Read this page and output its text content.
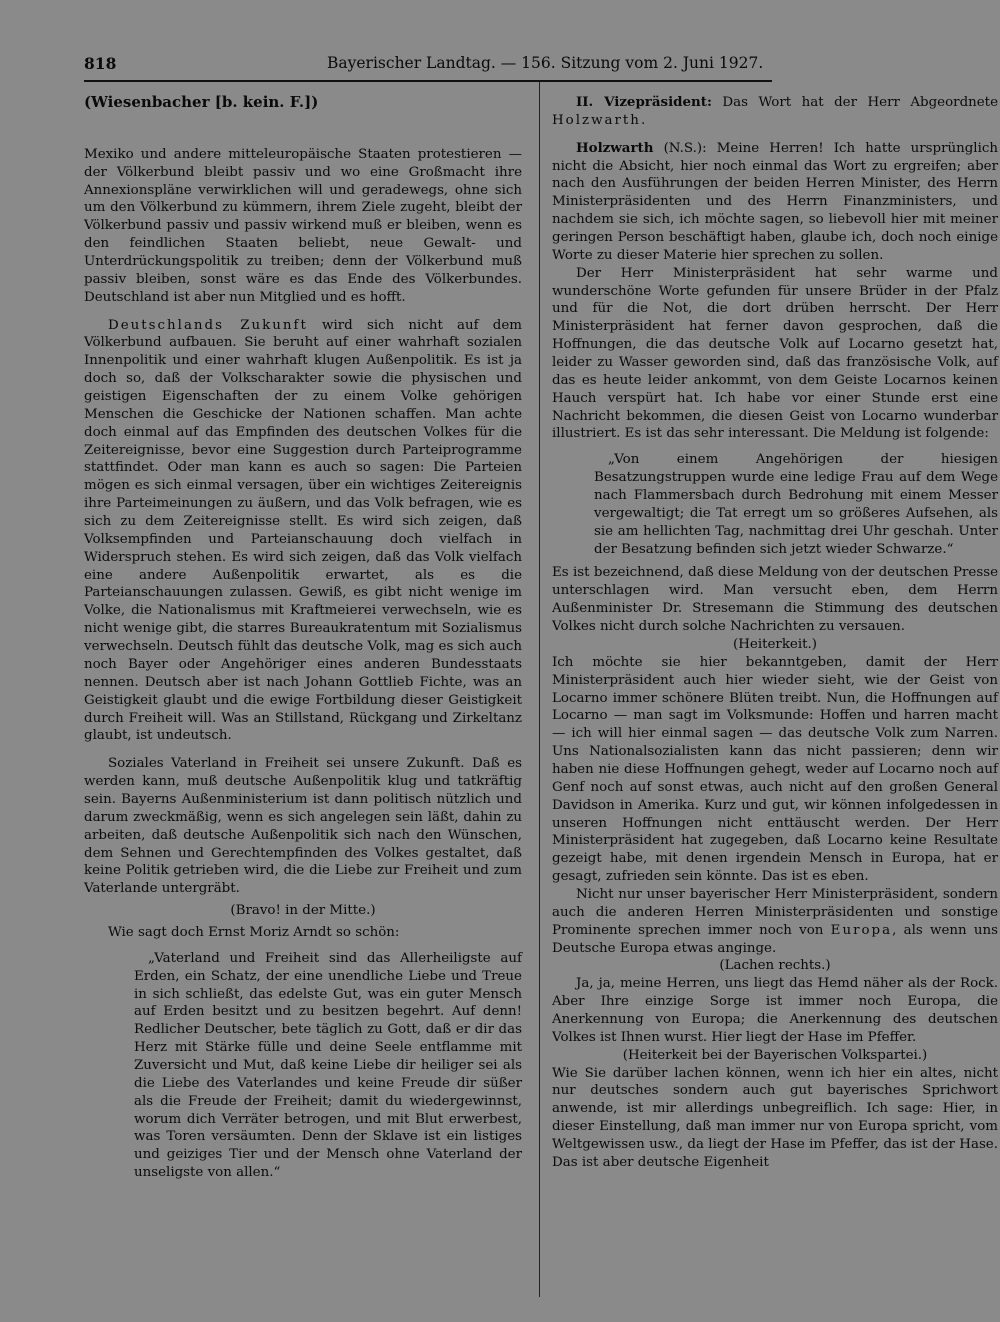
818	Bayerischer Landtag. — 156. Sitzung vom 2. Juni 1927.

(Wiesenbacher [b. kein. F.])

Mexiko und andere mitteleuropäische Staaten protestieren — der Völkerbund bleibt passiv und wo eine Großmacht ihre Annexionspläne verwirklichen will und geradewegs, ohne sich um den Völkerbund zu kümmern, ihrem Ziele zugeht, bleibt der Völkerbund passiv und passiv wirkend muß er bleiben, wenn es den feindlichen Staaten beliebt, neue Gewalt- und Unterdrückungspolitik zu treiben; denn der Völkerbund muß passiv bleiben, sonst wäre es das Ende des Völkerbundes. Deutschland ist aber nun Mitglied und es hofft.

Deutschlands Zukunft wird sich nicht auf dem Völkerbund aufbauen. Sie beruht auf einer wahrhaft sozialen Innenpolitik und einer wahrhaft klugen Außenpolitik. Es ist ja doch so, daß der Volkscharakter sowie die physischen und geistigen Eigenschaften der zu einem Volke gehörigen Menschen die Geschicke der Nationen schaffen. Man achte doch einmal auf das Empfinden des deutschen Volkes für die Zeitereignisse, bevor eine Suggestion durch Parteiprogramme stattfindet. Oder man kann es auch so sagen: Die Parteien mögen es sich einmal versagen, über ein wichtiges Zeitereignis ihre Parteimeinungen zu äußern, und das Volk befragen, wie es sich zu dem Zeitereignisse stellt. Es wird sich zeigen, daß Volksempfinden und Parteianschauung doch vielfach in Widerspruch stehen. Es wird sich zeigen, daß das Volk vielfach eine andere Außenpolitik erwartet, als es die Parteianschauungen zulassen. Gewiß, es gibt nicht wenige im Volke, die Nationalismus mit Kraftmeierei verwechseln, wie es nicht wenige gibt, die starres Bureaukratentum mit Sozialismus verwechseln. Deutsch fühlt das deutsche Volk, mag es sich auch noch Bayer oder Angehöriger eines anderen Bundesstaats nennen. Deutsch aber ist nach Johann Gottlieb Fichte, was an Geistigkeit glaubt und die ewige Fortbildung dieser Geistigkeit durch Freiheit will. Was an Stillstand, Rückgang und Zirkeltanz glaubt, ist undeutsch.

Soziales Vaterland in Freiheit sei unsere Zukunft. Daß es werden kann, muß deutsche Außenpolitik klug und tatkräftig sein. Bayerns Außenministerium ist dann politisch nützlich und darum zweckmäßig, wenn es sich angelegen sein läßt, dahin zu arbeiten, daß deutsche Außenpolitik sich nach den Wünschen, dem Sehnen und Gerechtempfinden des Volkes gestaltet, daß keine Politik getrieben wird, die die Liebe zur Freiheit und zum Vaterlande untergräbt.

(Bravo! in der Mitte.)

Wie sagt doch Ernst Moriz Arndt so schön:

„Vaterland und Freiheit sind das Allerheiligste auf Erden, ein Schatz, der eine unendliche Liebe und Treue in sich schließt, das edelste Gut, was ein guter Mensch auf Erden besitzt und zu besitzen begehrt. Auf denn! Redlicher Deutscher, bete täglich zu Gott, daß er dir das Herz mit Stärke fülle und deine Seele entflamme mit Zuversicht und Mut, daß keine Liebe dir heiliger sei als die Liebe des Vaterlandes und keine Freude dir süßer als die Freude der Freiheit; damit du wiedergewinnst, worum dich Verräter betrogen, und mit Blut erwerbest, was Toren versäumten. Denn der Sklave ist ein listiges und geiziges Tier und der Mensch ohne Vaterland der unseligste von allen.“

II. Vizepräsident: Das Wort hat der Herr Abgeordnete Holzwarth.

Holzwarth (N.S.): Meine Herren! Ich hatte ursprünglich nicht die Absicht, hier noch einmal das Wort zu ergreifen; aber nach den Ausführungen der beiden Herren Minister, des Herrn Ministerpräsidenten und des Herrn Finanzministers, und nachdem sie sich, ich möchte sagen, so liebevoll hier mit meiner geringen Person beschäftigt haben, glaube ich, doch noch einige Worte zu dieser Materie hier sprechen zu sollen.

Der Herr Ministerpräsident hat sehr warme und wunderschöne Worte gefunden für unsere Brüder in der Pfalz und für die Not, die dort drüben herrscht. Der Herr Ministerpräsident hat ferner davon gesprochen, daß die Hoffnungen, die das deutsche Volk auf Locarno gesetzt hat, leider zu Wasser geworden sind, daß das französische Volk, auf das es heute leider ankommt, von dem Geiste Locarnos keinen Hauch verspürt hat. Ich habe vor einer Stunde erst eine Nachricht bekommen, die diesen Geist von Locarno wunderbar illustriert. Es ist das sehr interessant. Die Meldung ist folgende:

„Von einem Angehörigen der hiesigen Besatzungstruppen wurde eine ledige Frau auf dem Wege nach Flammersbach durch Bedrohung mit einem Messer vergewaltigt; die Tat erregt um so größeres Aufsehen, als sie am hellichten Tag, nachmittag drei Uhr geschah. Unter der Besatzung befinden sich jetzt wieder Schwarze.“

Es ist bezeichnend, daß diese Meldung von der deutschen Presse unterschlagen wird. Man versucht eben, dem Herrn Außenminister Dr. Stresemann die Stimmung des deutschen Volkes nicht durch solche Nachrichten zu versauen.

(Heiterkeit.)

Ich möchte sie hier bekanntgeben, damit der Herr Ministerpräsident auch hier wieder sieht, wie der Geist von Locarno immer schönere Blüten treibt. Nun, die Hoffnungen auf Locarno — man sagt im Volksmunde: Hoffen und harren macht — ich will hier einmal sagen — das deutsche Volk zum Narren. Uns Nationalsozialisten kann das nicht passieren; denn wir haben nie diese Hoffnungen gehegt, weder auf Locarno noch auf Genf noch auf sonst etwas, auch nicht auf den großen General Davidson in Amerika. Kurz und gut, wir können infolgedessen in unseren Hoffnungen nicht enttäuscht werden. Der Herr Ministerpräsident hat zugegeben, daß Locarno keine Resultate gezeigt habe, mit denen irgendein Mensch in Europa, hat er gesagt, zufrieden sein könnte. Das ist es eben.

Nicht nur unser bayerischer Herr Ministerpräsident, sondern auch die anderen Herren Ministerpräsidenten und sonstige Prominente sprechen immer noch von Europa, als wenn uns Deutsche Europa etwas anginge.

(Lachen rechts.)

Ja, ja, meine Herren, uns liegt das Hemd näher als der Rock. Aber Ihre einzige Sorge ist immer noch Europa, die Anerkennung von Europa; die Anerkennung des deutschen Volkes ist Ihnen wurst. Hier liegt der Hase im Pfeffer.

(Heiterkeit bei der Bayerischen Volkspartei.)

Wie Sie darüber lachen können, wenn ich hier ein altes, nicht nur deutsches sondern auch gut bayerisches Sprichwort anwende, ist mir allerdings unbegreiflich. Ich sage: Hier, in dieser Einstellung, daß man immer nur von Europa spricht, vom Weltgewissen usw., da liegt der Hase im Pfeffer, das ist der Hase. Das ist aber deutsche Eigenheit
